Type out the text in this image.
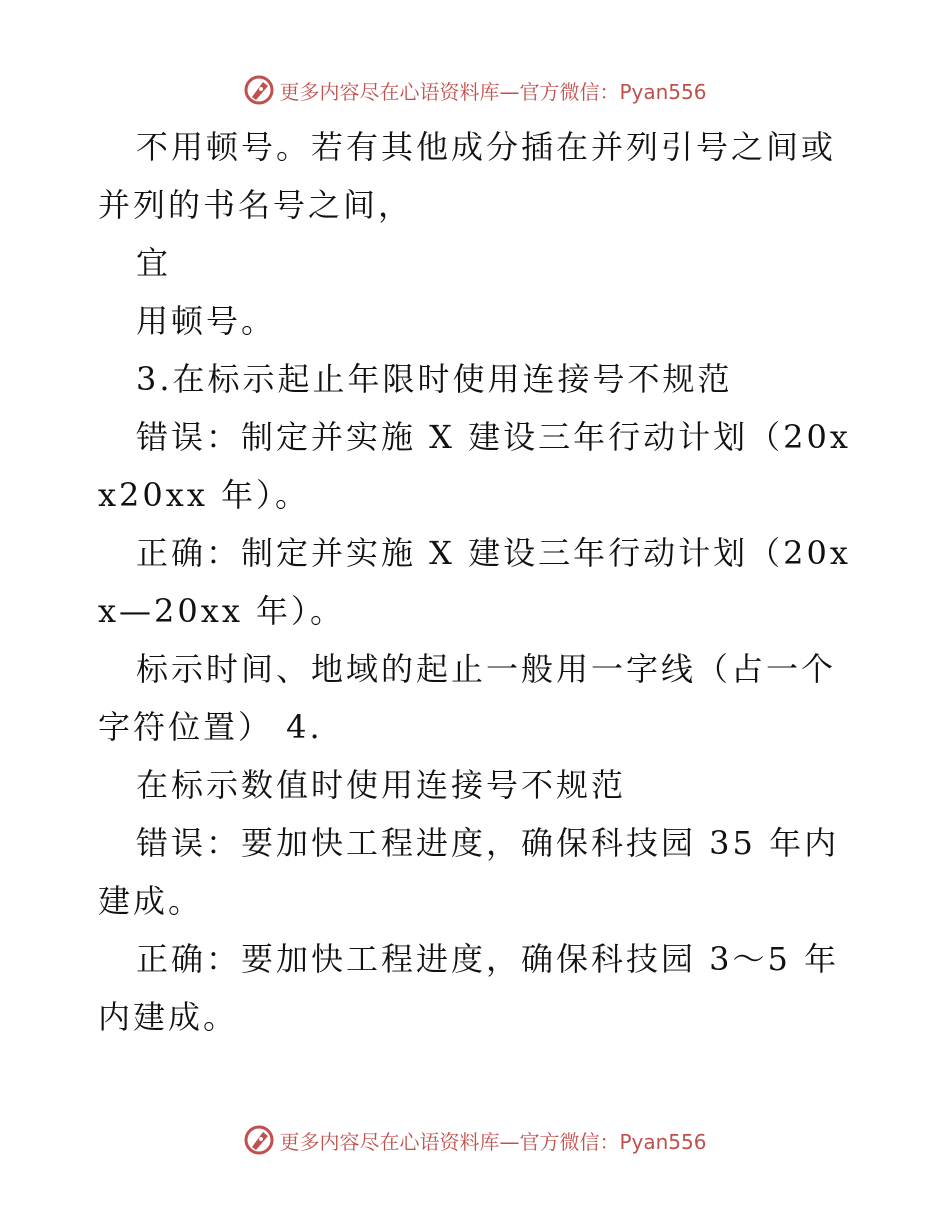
更多内容尽在心语资料库—官方微信：Pyan556

不用顿号。若有其他成分插在并列引号之间或并列的书名号之间，

宜

用顿号。

3.在标示起止年限时使用连接号不规范

错误：制定并实施 X 建设三年行动计划（20xx20xx 年）。

正确：制定并实施 X 建设三年行动计划（20xx—20xx 年）。

标示时间、地域的起止一般用一字线（占一个字符位置） 4.

在标示数值时使用连接号不规范

错误：要加快工程进度，确保科技园 35 年内建成。

正确：要加快工程进度，确保科技园 3～5 年内建成。

更多内容尽在心语资料库—官方微信：Pyan556
